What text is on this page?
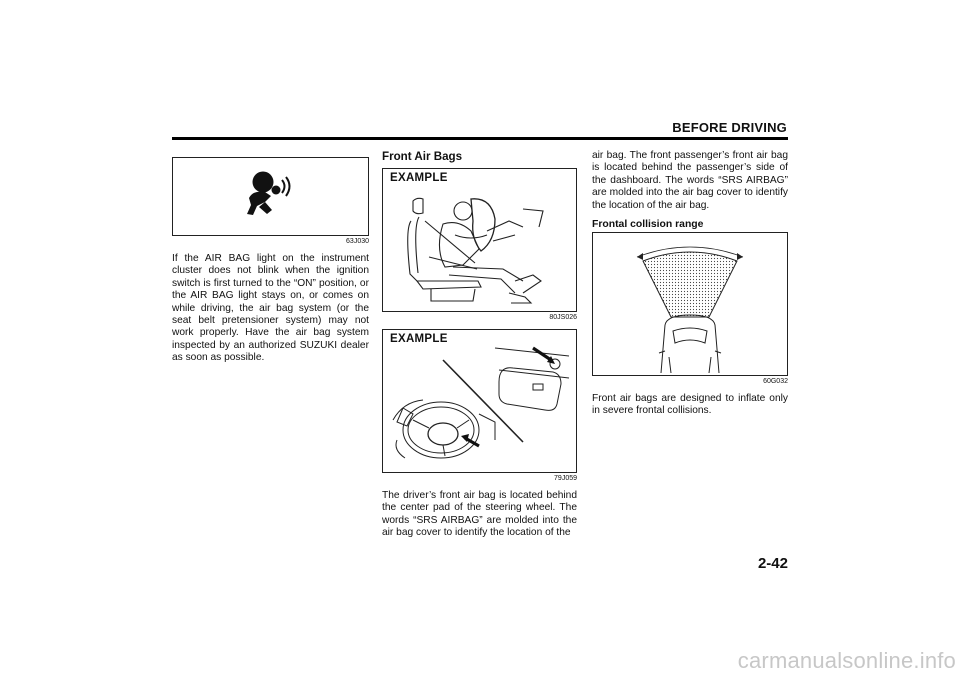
BEFORE DRIVING
63J030

If the AIR BAG light on the instrument cluster does not blink when the ignition switch is first turned to the “ON” position, or the AIR BAG light stays on, or comes on while driving, the air bag system (or the seat belt pretensioner system) may not work properly. Have the air bag system inspected by an authorized SUZUKI dealer as soon as possible.

Front Air Bags
EXAMPLE
80JS026
EXAMPLE
79J059

The driver’s front air bag is located behind the center pad of the steering wheel. The words “SRS AIRBAG” are molded into the air bag cover to identify the location of the

air bag. The front passenger’s front air bag is located behind the passenger’s side of the dashboard. The words “SRS AIRBAG” are molded into the air bag cover to identify the location of the air bag.

Frontal collision range
60G032

Front air bags are designed to inflate only in severe frontal collisions.

2-42
carmanualsonline.info
